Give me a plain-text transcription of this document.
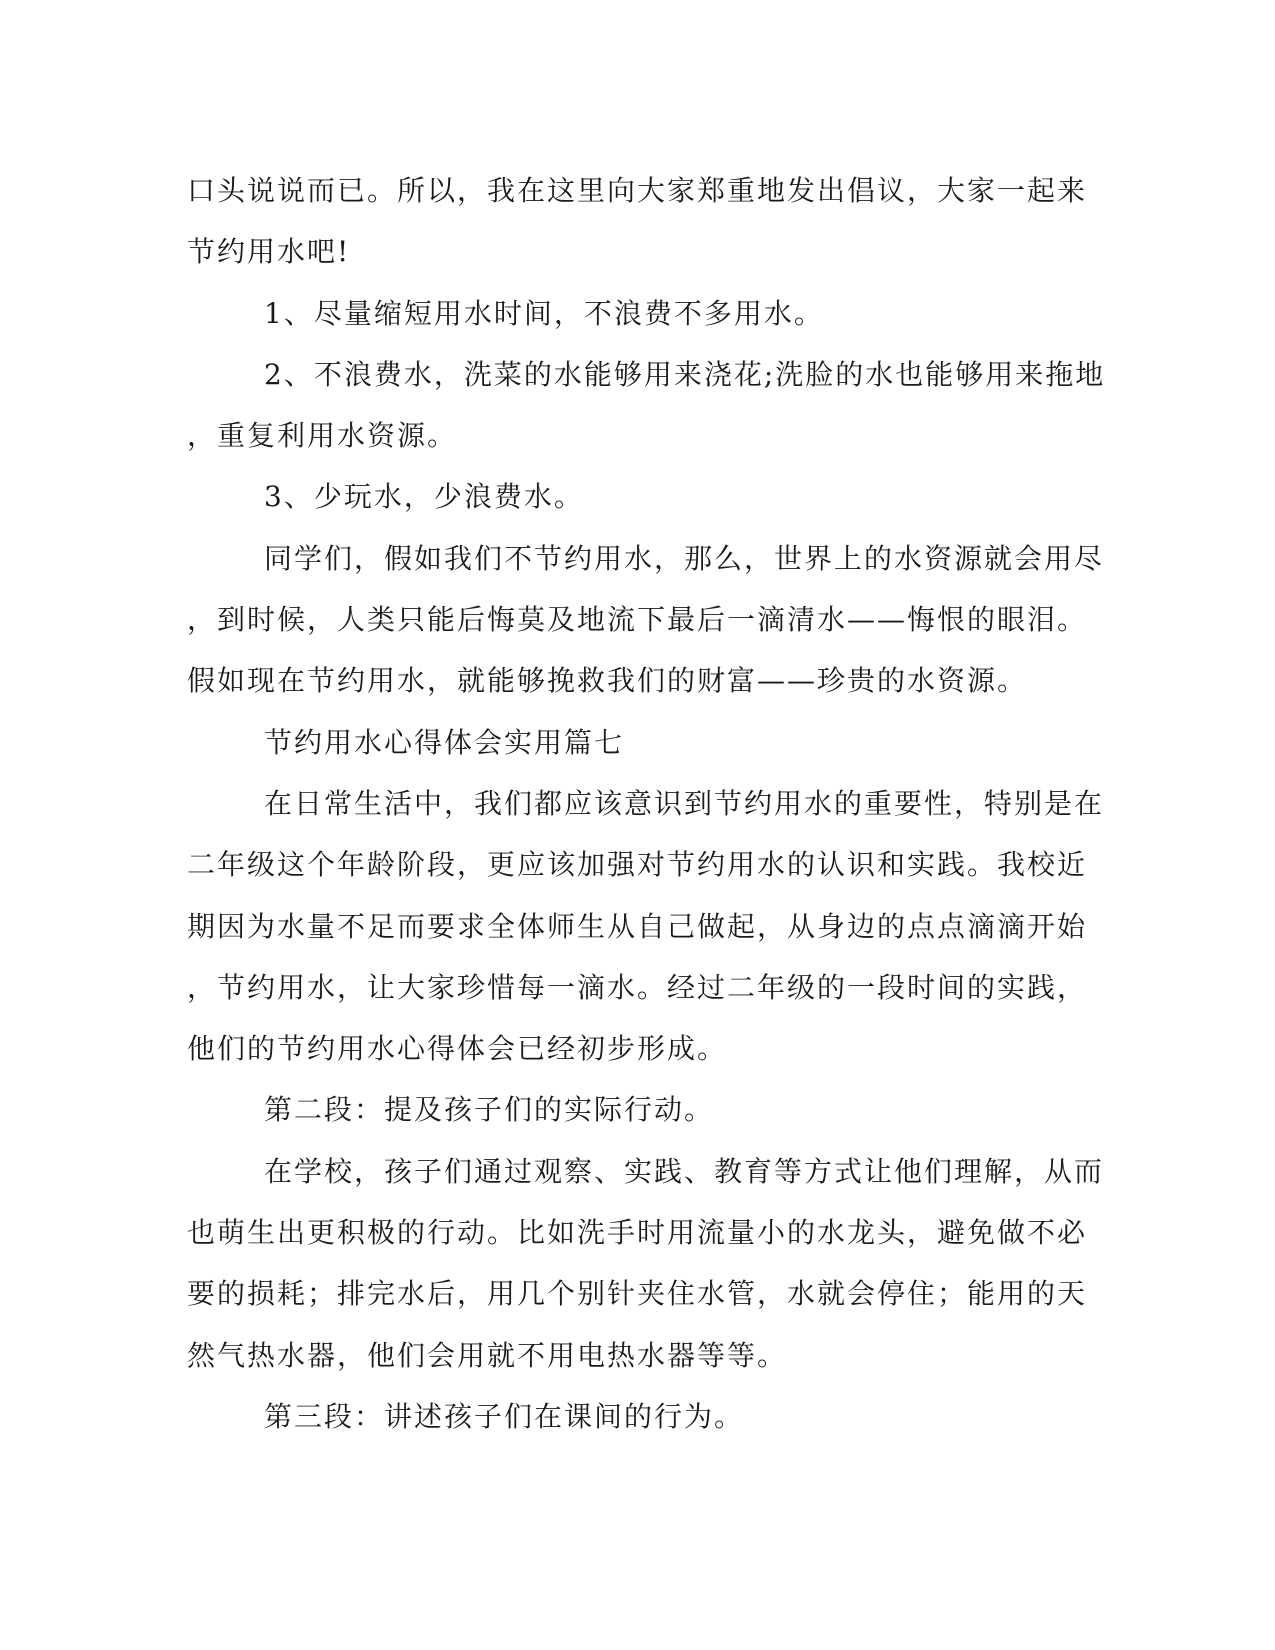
口头说说而已。所以，我在这里向大家郑重地发出倡议，大家一起来
节约用水吧!
1、尽量缩短用水时间，不浪费不多用水。
2、不浪费水，洗菜的水能够用来浇花;洗脸的水也能够用来拖地
，重复利用水资源。
3、少玩水，少浪费水。
同学们，假如我们不节约用水，那么，世界上的水资源就会用尽
，到时候，人类只能后悔莫及地流下最后一滴清水——悔恨的眼泪。
假如现在节约用水，就能够挽救我们的财富——珍贵的水资源。
节约用水心得体会实用篇七
在日常生活中，我们都应该意识到节约用水的重要性，特别是在
二年级这个年龄阶段，更应该加强对节约用水的认识和实践。我校近
期因为水量不足而要求全体师生从自己做起，从身边的点点滴滴开始
，节约用水，让大家珍惜每一滴水。经过二年级的一段时间的实践，
他们的节约用水心得体会已经初步形成。
第二段：提及孩子们的实际行动。
在学校，孩子们通过观察、实践、教育等方式让他们理解，从而
也萌生出更积极的行动。比如洗手时用流量小的水龙头，避免做不必
要的损耗；排完水后，用几个别针夹住水管，水就会停住；能用的天
然气热水器，他们会用就不用电热水器等等。
第三段：讲述孩子们在课间的行为。
